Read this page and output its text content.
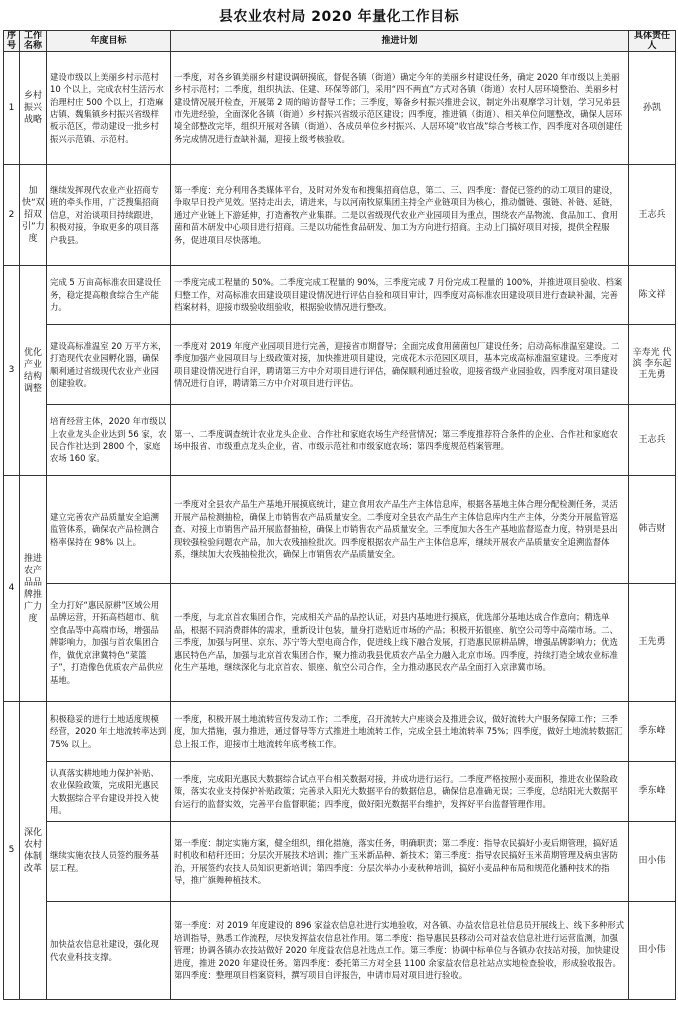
县农业农村局 2020 年量化工作目标
序号	工作名称	年度目标	推进计划	具体责任人
1	乡村振兴战略	建设市级以上美丽乡村示范村 10 个以上，完成农村生活污水治理村庄 500 个以上，打造麻店镇、魏集镇乡村振兴省级样板示范区，带动建设一批乡村振兴示范镇、示范村。	一季度，对各乡镇美丽乡村建设调研摸底，督促各镇（街道）确定今年的美丽乡村建设任务，确定 2020 年市级以上美丽乡村示范村；二季度，组织执法、住建、环保等部门，采用“四不两直”方式对各镇（街道）农村人居环境整治、美丽乡村建设情况展开检查，开展第 2 周的暗访督导工作；三季度，筹备乡村振兴推进会议，制定外出观摩学习计划，学习兄弟县市先进经验，全面深化各镇（街道）乡村振兴省级示范区建设；四季度，推进镇（街道）、相关单位问题整改，确保人居环境全部整改完毕，组织开展对各镇（街道）、各成员单位乡村振兴、人居环境“收官战”综合考核工作，四季度对各项创建任务完成情况进行查缺补漏，迎接上级考核验收。	孙凯
2	加快“双招双引”力度	继续发挥现代农业产业招商专班的牵头作用，广泛搜集招商信息，对治谈项目持续跟进，积极对接，争取更多的项目落户我县。	第一季度：充分利用各类媒体平台，及时对外发布和搜集招商信息，第二、三、四季度：督促已签约的动工项目的建设，争取早日投产见效。坚持走出去，请进来，与以河南牧原集团主持全产业链项目为核心，推动僵链、强链、补链、延链，通过产业链上下游延伸，打造畜牧产业集群。二是以省级现代农业产业园项目为重点，围绕农产品物流、食品加工、食用菌和苗木研发中心项目进行招商。三是以功能性食品研发、加工为方向进行招商。主动上门搞好项目对接，提供全程服务，促进项目尽快落地。	王志兵
3	优化产业结构调整	完成 5 万亩高标准农田建设任务，稳定提高粮食综合生产能力。	一季度完成工程量的 50%。二季度完成工程量的 90%，三季度完成 7 月份完成工程量的 100%，并推进项目验收、档案归整工作，对高标准农田建设项目建设情况进行评估自验和项目审计，四季度对高标准农田建设项目进行查缺补漏，完善档案材料，迎接市级验收组验收，根据验收情况进行整改。	陈文祥
		建设高标准温室 20 万平方米，打造现代农业园孵化器，确保顺利通过省级现代农业产业园创建验收。	一季度对 2019 年度产业园项目进行完善，迎接省市期督导；全面完成食用菌菌包厂建设任务；启动高标准温室建设。二季度加强产业园项目与上级政策对接，加快推进项目建设，完成花木示范园区项目，基本完成高标准温室建设。三季度对项目建设情况进行自评，聘请第三方中介对项目进行评估，确保顺利通过验收，迎接省级产业园验收，四季度对项目建设情况进行自评，聘请第三方中介对项目进行评估。	辛寿光 代 滨 李东起 王先勇
		培育经营主体，2020 年市级以上农业龙头企业达到 56 家，农民合作社达到 2800 个，家庭农场 160 家。	第一、二季度调查统计农业龙头企业、合作社和家庭农场生产经营情况；第三季度推荐符合条件的企业、合作社和家庭农场申报省、市级重点龙头企业，省、市级示范社和市级家庭农场；第四季度规范档案管理。	王志兵
4	推进农产品品牌推广力度	建立完善农产品质量安全追溯监管体系，确保农产品检测合格率保持在 98% 以上。	一季度对全县农产品生产基地开展摸底统计，建立食用农产品生产主体信息库，根据各基地主体合理分配检测任务，灵活开展产品检测抽检，确保上市销售农产品质量安全。二季度对全县农产品生产主体信息库内生产主体，分类分开展监管巡查、对接上市销售产品开展监督抽检，确保上市销售农产品质量安全。三季度加大各生产基地监督巡查力度，特别是县出现较强检验问题农产品，加大农残抽检批次。四季度根据农产品生产主体信息库，继续开展农产品质量安全追溯监督体系，继续加大农残抽检批次，确保上市销售农产品质量安全。	韩吉财
		全力打好“惠民原耕”区域公用品牌运营，开拓高档超市、航空食品等中高端市场，增强品牌影响力，加强与首农集团合作，做优京津冀特色“菜篮子”，打造像色优质农产品供应基地。	一季度，与北京首农集团合作，完成相关产品的品控认证，对县内基地进行摸底，优选部分基地达成合作意向；精选单品，根据不同消费群体的需求，重新设计包装，量身打造贴近市场的产品；积极开拓银座、航空公司等中高端市场。二、三季度，加强与阿里、京东、苏宁等大型电商合作，促进线上线下融合发展，打造惠民原耕品牌，增强品牌影响力；优选惠民特色产品，加强与北京首农集团合作，聚力推动我县优质农产品全力融入北京市场。四季度，持续打造全域农业标准化生产基地，继续深化与北京首农、银座、航空公司合作，全力推动惠民农产品全面打入京津冀市场。	王先勇
5	深化农村体制改革	积极稳妥的进行土地适度规模经营，2020 年土地流转率达到 75% 以上。	一季度，积极开展土地流转宣传发动工作；二季度，召开流转大户座谈会及推进会议，做好流转大户服务保障工作；三季度，加大措施，强力推进，通过督导等方式推进土地流转工作，完成全县土地流转率 75%；四季度，做好土地流转数据汇总上报工作，迎接市土地流转年底考核工作。	季东峰
		认真落实耕地地力保护补贴、农业保险政策，完成阳光惠民大数据综合平台建设并投入使用。	一季度，完成阳光惠民大数据综合试点平台相关数据对接，并成功进行运行。二季度严格按照小麦面积，推进农业保险政策，落实农业支持保护补贴政策；完善录入阳光大数据平台的数据信息，确保信息准确无误；三季度，总结阳光大数据平台运行的监督实效，完善平台监督职能；四季度，做好阳光数据平台维护，发挥好平台监督管理作用。	季东峰
		继续实施农技人员签约服务基层工程。	第一季度：制定实施方案，健全组织，细化措施，落实任务，明确职责；第二季度：指导农民搞好小麦后期管理，搞好适时机收和秸秆还田；分层次开展技术培训；推广玉米新品种、新技术；第三季度：指导农民搞好玉米苗期管理及病虫害防治，开展签约农技人员知识更新培训；第四季度：分层次举办小麦秋种培训，搞好小麦品种布局和规范化播种技术的指导，推广旗舞种植技术。	田小伟
		加快益农信息社建设，强化现代农业科技支撑。	第一季度：对 2019 年度建设的 896 家益农信息社进行实地验收，对各镇、办益农信息社信息员开展线上、线下多种形式培训指导，熟悉工作流程，尽快发挥益农信息社作用。第二季度：指导惠民县移动公司对益农信息社进行运营监测，加强管理；协调各镇办农技站做好 2020 年度益农信息社选点工作。第三季度：协调中标单位与各镇办农技站对接，加快建设进度，推进 2020 年建设任务。第四季度：委托第三方对全县 1100 余家益农信息社站点实地检查验收，形成验收报告。第四季度：整理项目档案资料，撰写项目自评报告，申请市局对项目进行验收。	田小伟
